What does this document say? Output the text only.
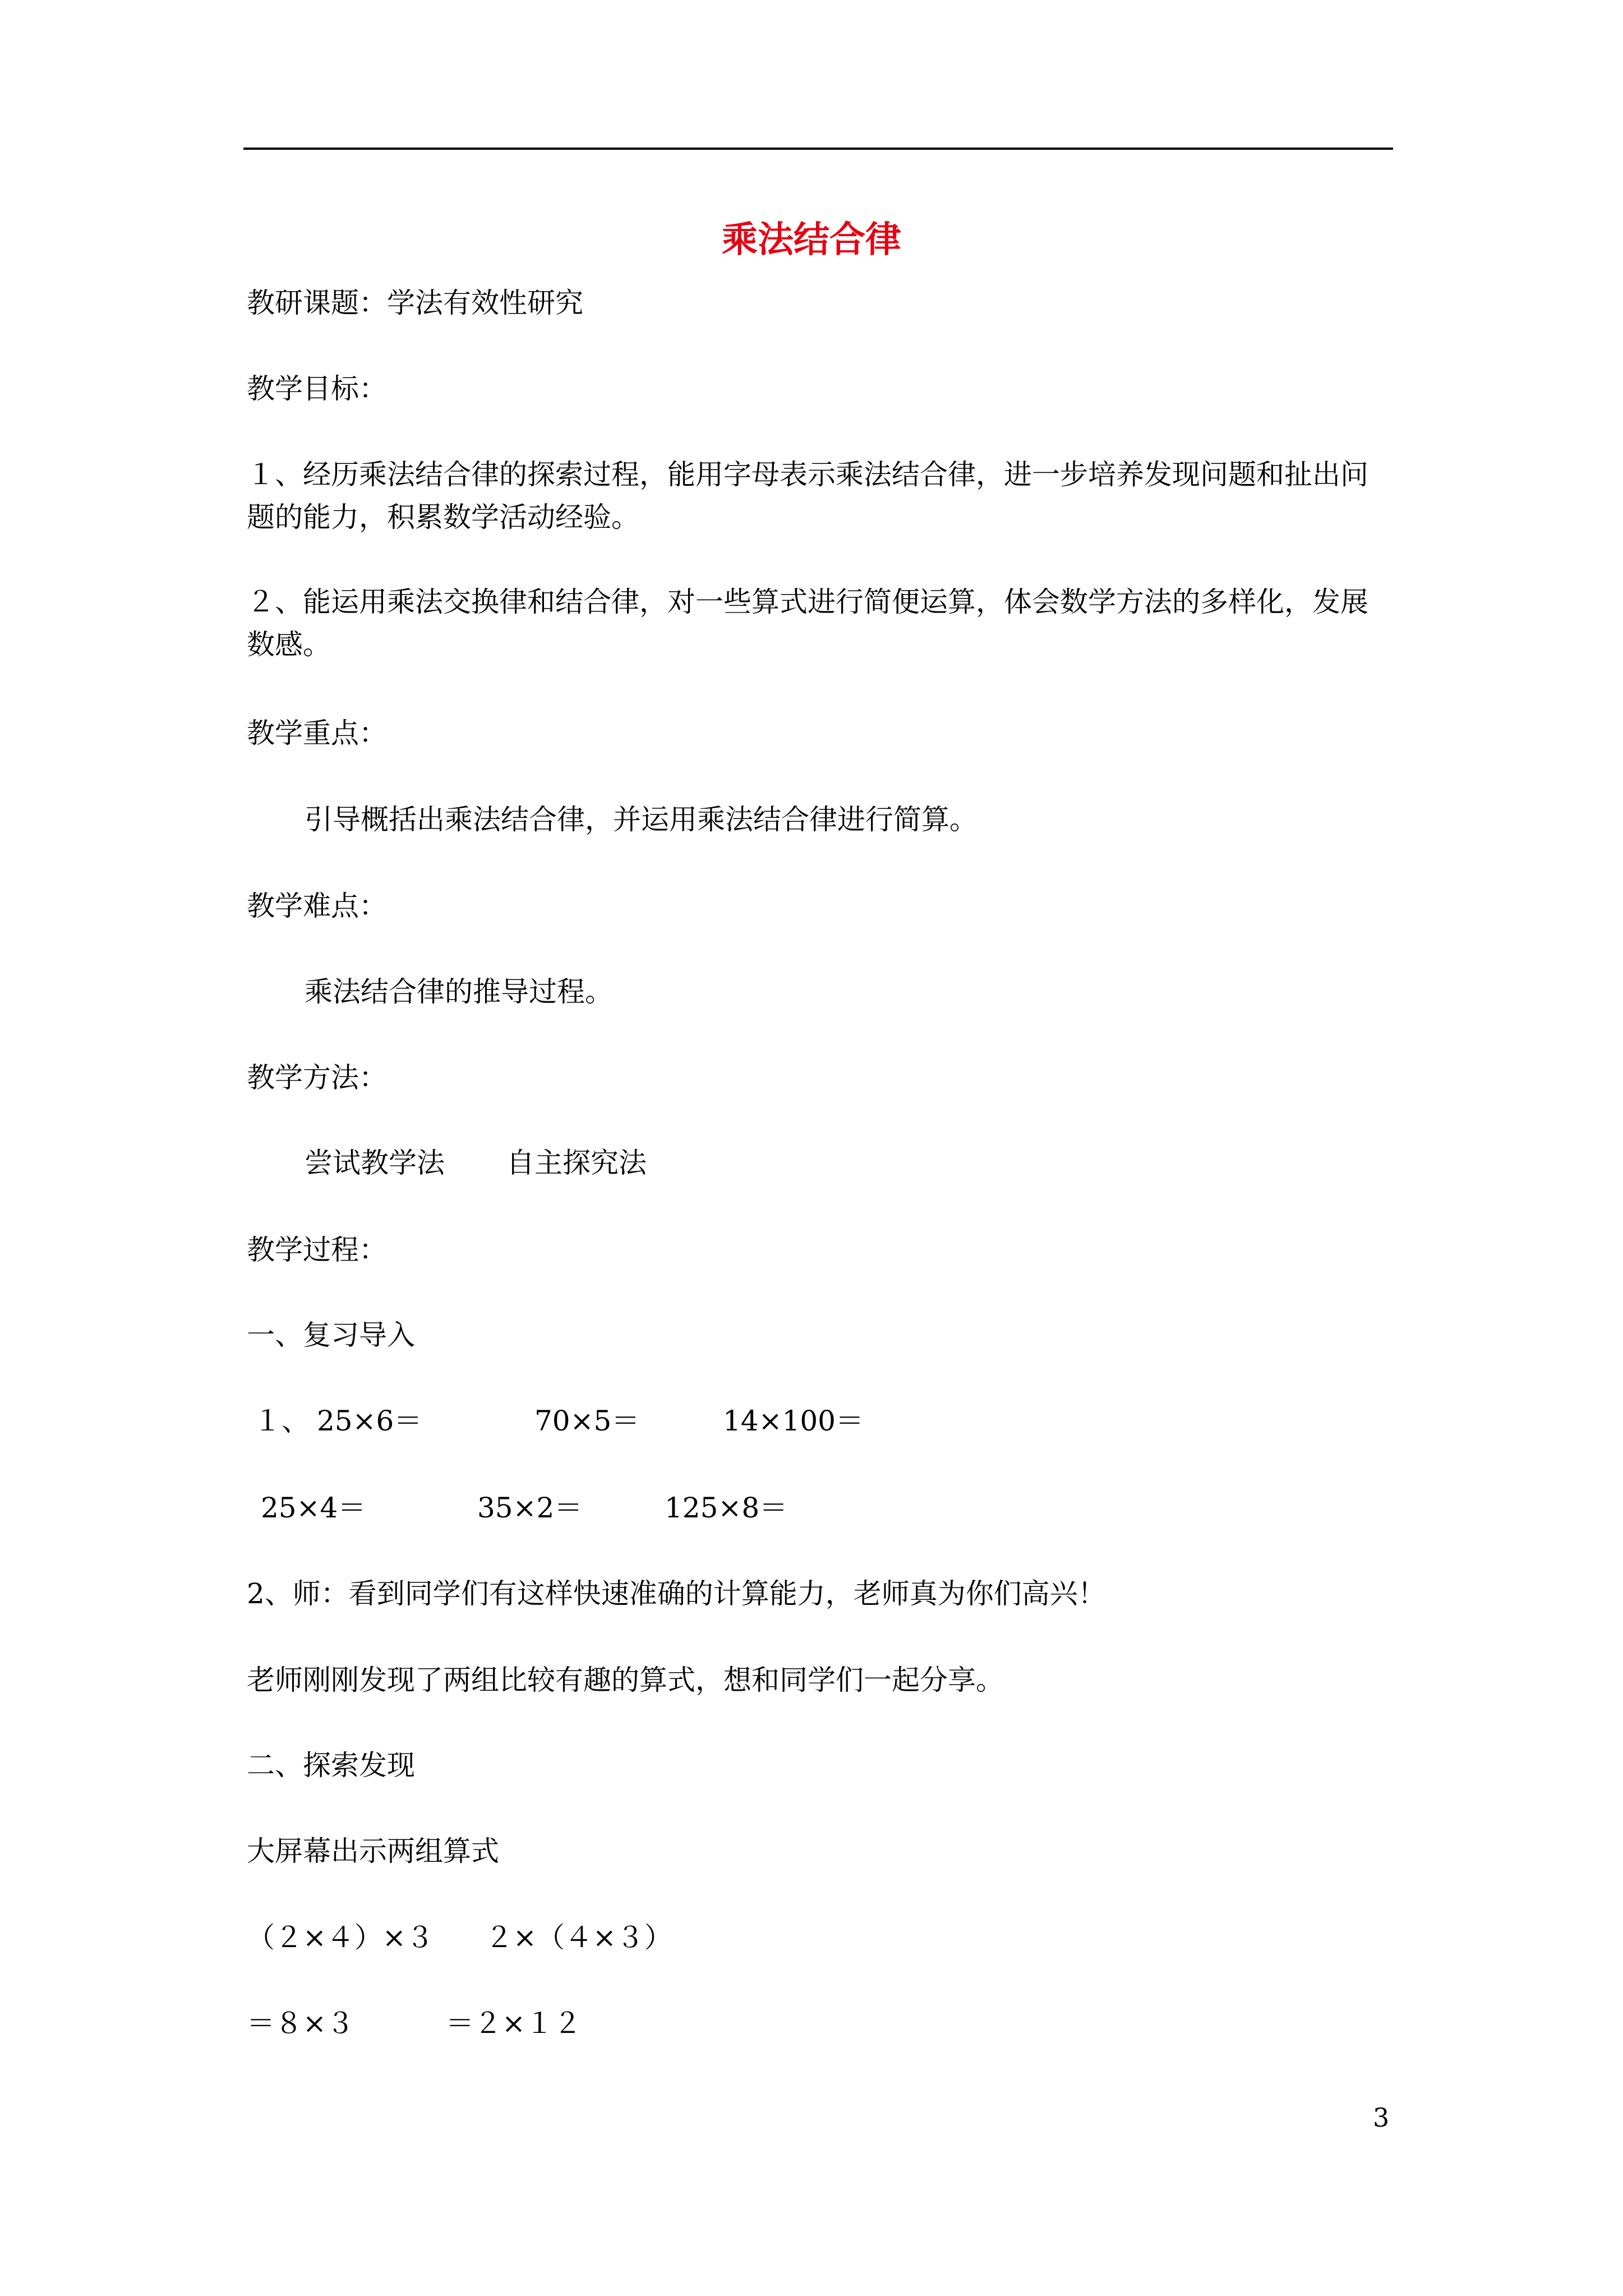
乘法结合律
教研课题：学法有效性研究
教学目标：
１、经历乘法结合律的探索过程，能用字母表示乘法结合律，进一步培养发现问题和扯出问
题的能力，积累数学活动经验。
２、能运用乘法交换律和结合律，对一些算式进行简便运算，体会数学方法的多样化，发展
数感。
教学重点：
引导概括出乘法结合律，并运用乘法结合律进行简算。
教学难点：
乘法结合律的推导过程。
教学方法：
尝试教学法 自主探究法
教学过程：
一、复习导入
１、 25×6＝	70×5＝	14×100＝
25×4＝	35×2＝	125×8＝
2、师：看到同学们有这样快速准确的计算能力，老师真为你们高兴！
老师刚刚发现了两组比较有趣的算式，想和同学们一起分享。
二、探索发现
大屏幕出示两组算式
（２×４）×３ ２×（４×３）
＝８×３	＝２×１２
3
